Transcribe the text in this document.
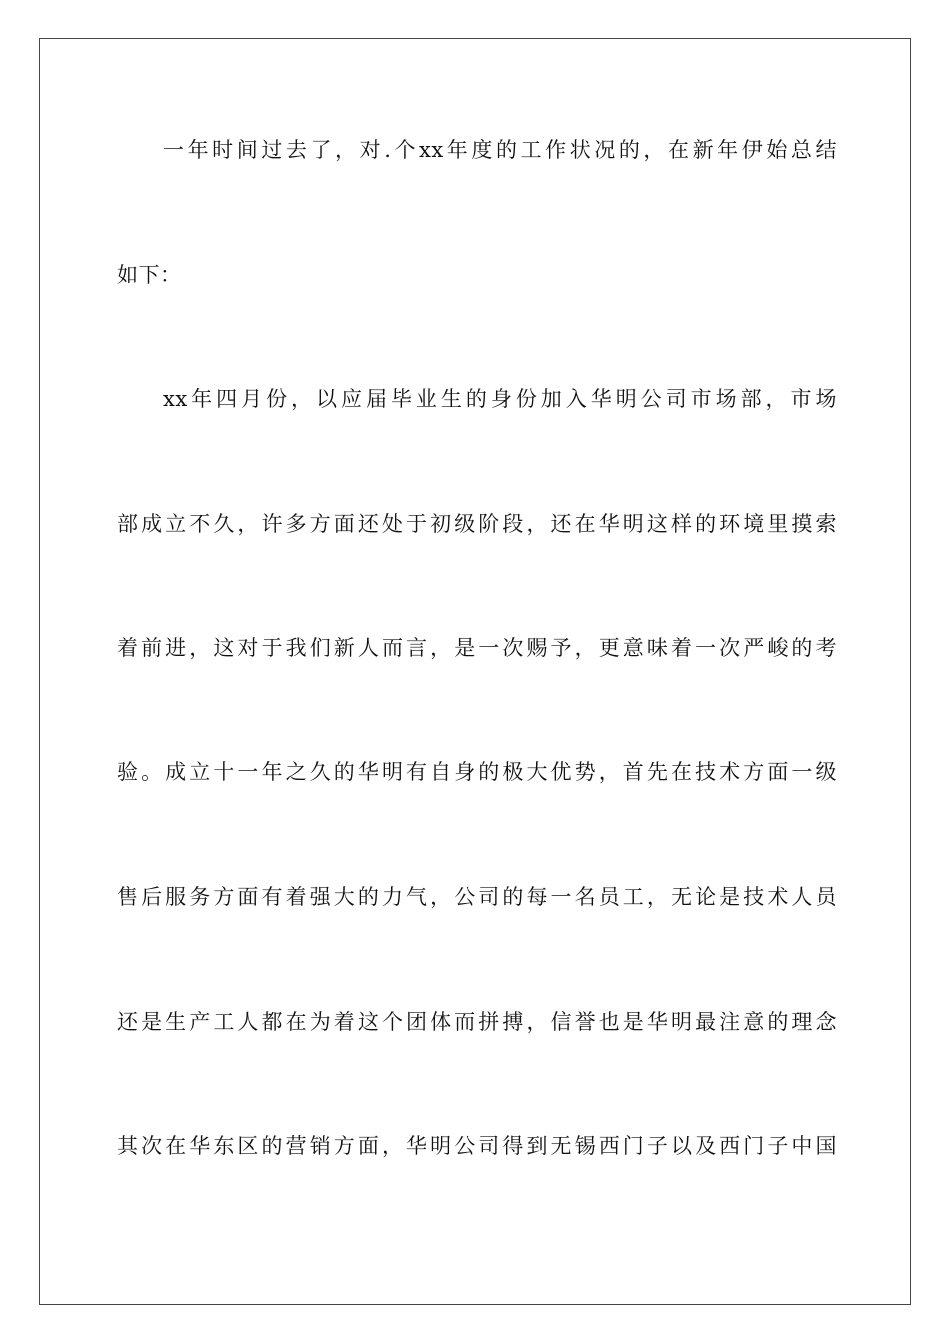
一年时间过去了，对.个xx年度的工作状况的，在新年伊始总结
如下：
xx年四月份，以应届毕业生的身份加入华明公司市场部，市场
部成立不久，许多方面还处于初级阶段，还在华明这样的环境里摸索
着前进，这对于我们新人而言，是一次赐予，更意味着一次严峻的考
验。成立十一年之久的华明有自身的极大优势，首先在技术方面一级
售后服务方面有着强大的力气，公司的每一名员工，无论是技术人员
还是生产工人都在为着这个团体而拼搏，信誉也是华明最注意的理念
其次在华东区的营销方面，华明公司得到无锡西门子以及西门子中国
